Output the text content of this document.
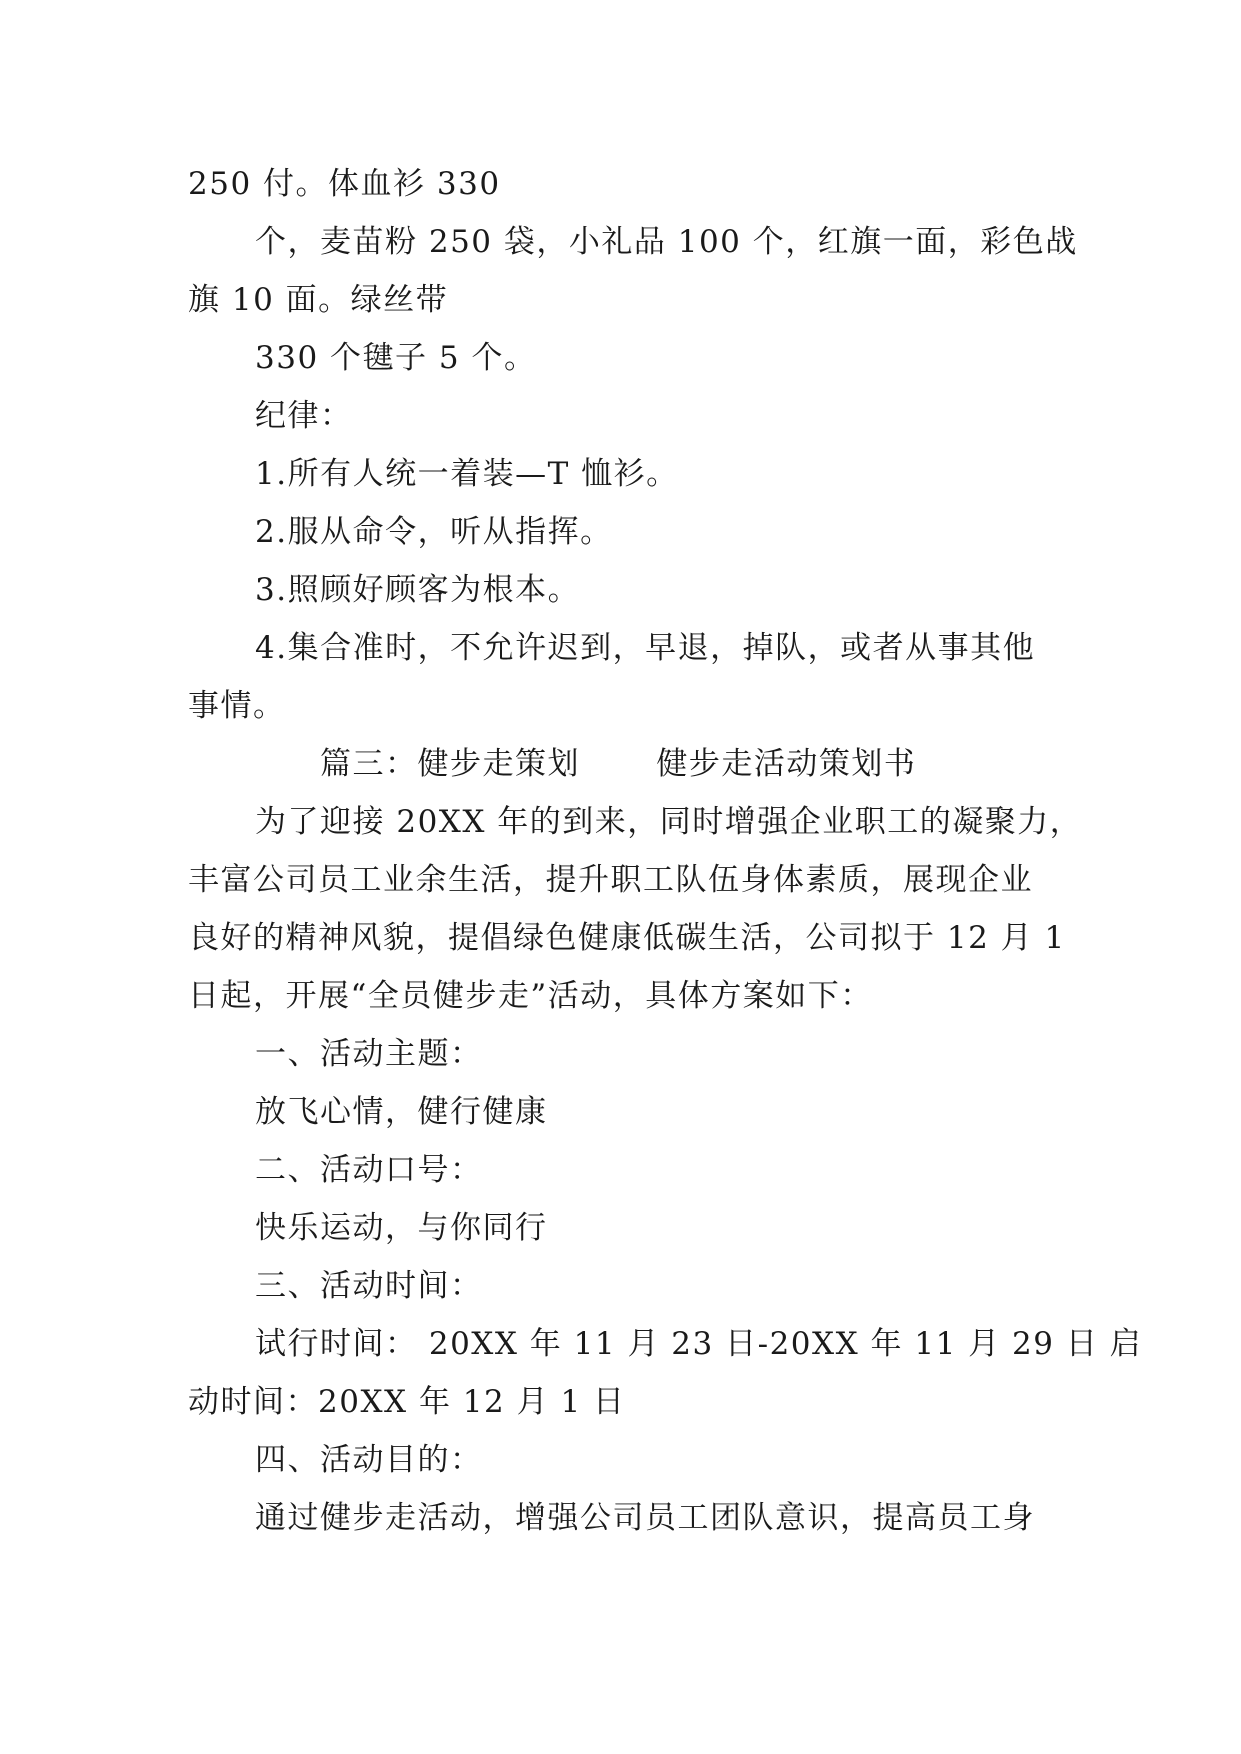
250 付。体血衫 330
个，麦苗粉 250 袋，小礼品 100 个，红旗一面，彩色战
旗 10 面。绿丝带
330 个毽子 5 个。
纪律：
1.所有人统一着装—T 恤衫。
2.服从命令，听从指挥。
3.照顾好顾客为根本。
4.集合准时，不允许迟到，早退，掉队，或者从事其他
事情。
篇三：健步走策划　　 健步走活动策划书
为了迎接 20XX 年的到来，同时增强企业职工的凝聚力，
丰富公司员工业余生活，提升职工队伍身体素质，展现企业
良好的精神风貌，提倡绿色健康低碳生活，公司拟于 12 月 1
日起，开展“全员健步走”活动，具体方案如下：
一、活动主题：
放飞心情，健行健康
二、活动口号：
快乐运动，与你同行
三、活动时间：
试行时间： 20XX 年 11 月 23 日-20XX 年 11 月 29 日 启
动时间：20XX 年 12 月 1 日
四、活动目的：
通过健步走活动，增强公司员工团队意识，提高员工身
